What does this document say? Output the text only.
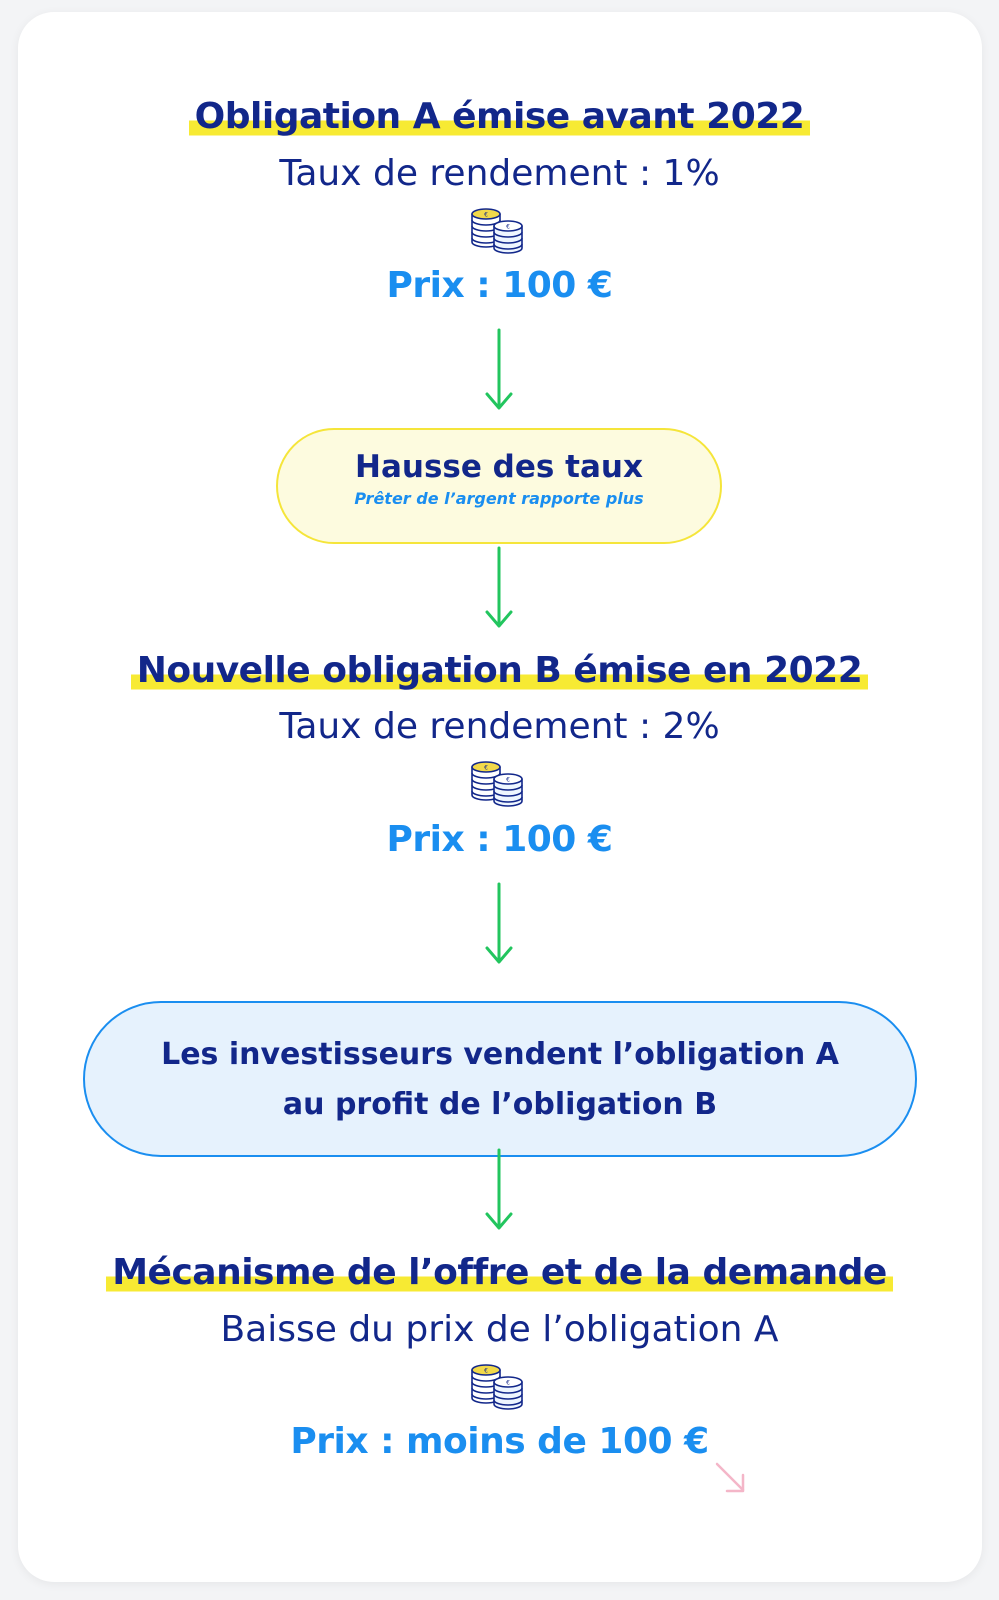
Obligation A émise avant 2022
Taux de rendement : 1%
Prix : 100 €
Hausse des taux
Prêter de l’argent rapporte plus
Nouvelle obligation B émise en 2022
Taux de rendement : 2%
Prix : 100 €
Les investisseurs vendent l’obligation A
au profit de l’obligation B
Mécanisme de l’offre et de la demande
Baisse du prix de l’obligation A
Prix : moins de 100 €
